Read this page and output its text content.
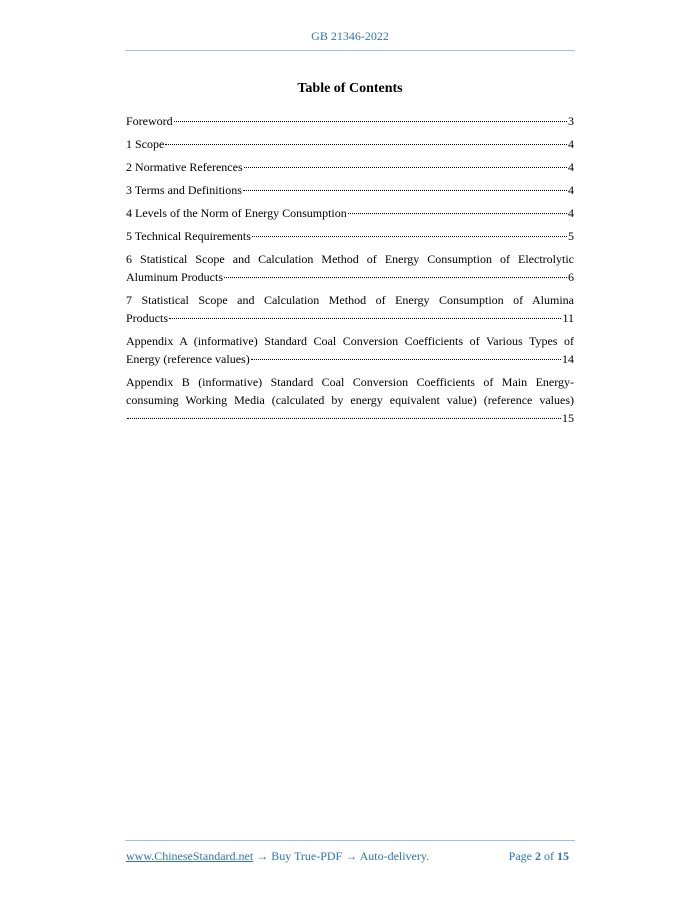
GB 21346-2022
Table of Contents
Foreword	3
1 Scope	4
2 Normative References	4
3 Terms and Definitions	4
4 Levels of the Norm of Energy Consumption	4
5 Technical Requirements	5
6 Statistical Scope and Calculation Method of Energy Consumption of Electrolytic
Aluminum Products	6
7 Statistical Scope and Calculation Method of Energy Consumption of Alumina
Products	11
Appendix A (informative) Standard Coal Conversion Coefficients of Various Types of
Energy (reference values)	14
Appendix B (informative) Standard Coal Conversion Coefficients of Main Energy-
consuming Working Media (calculated by energy equivalent value) (reference values)
15
www.ChineseStandard.net → Buy True-PDF → Auto-delivery.	Page 2 of 15
